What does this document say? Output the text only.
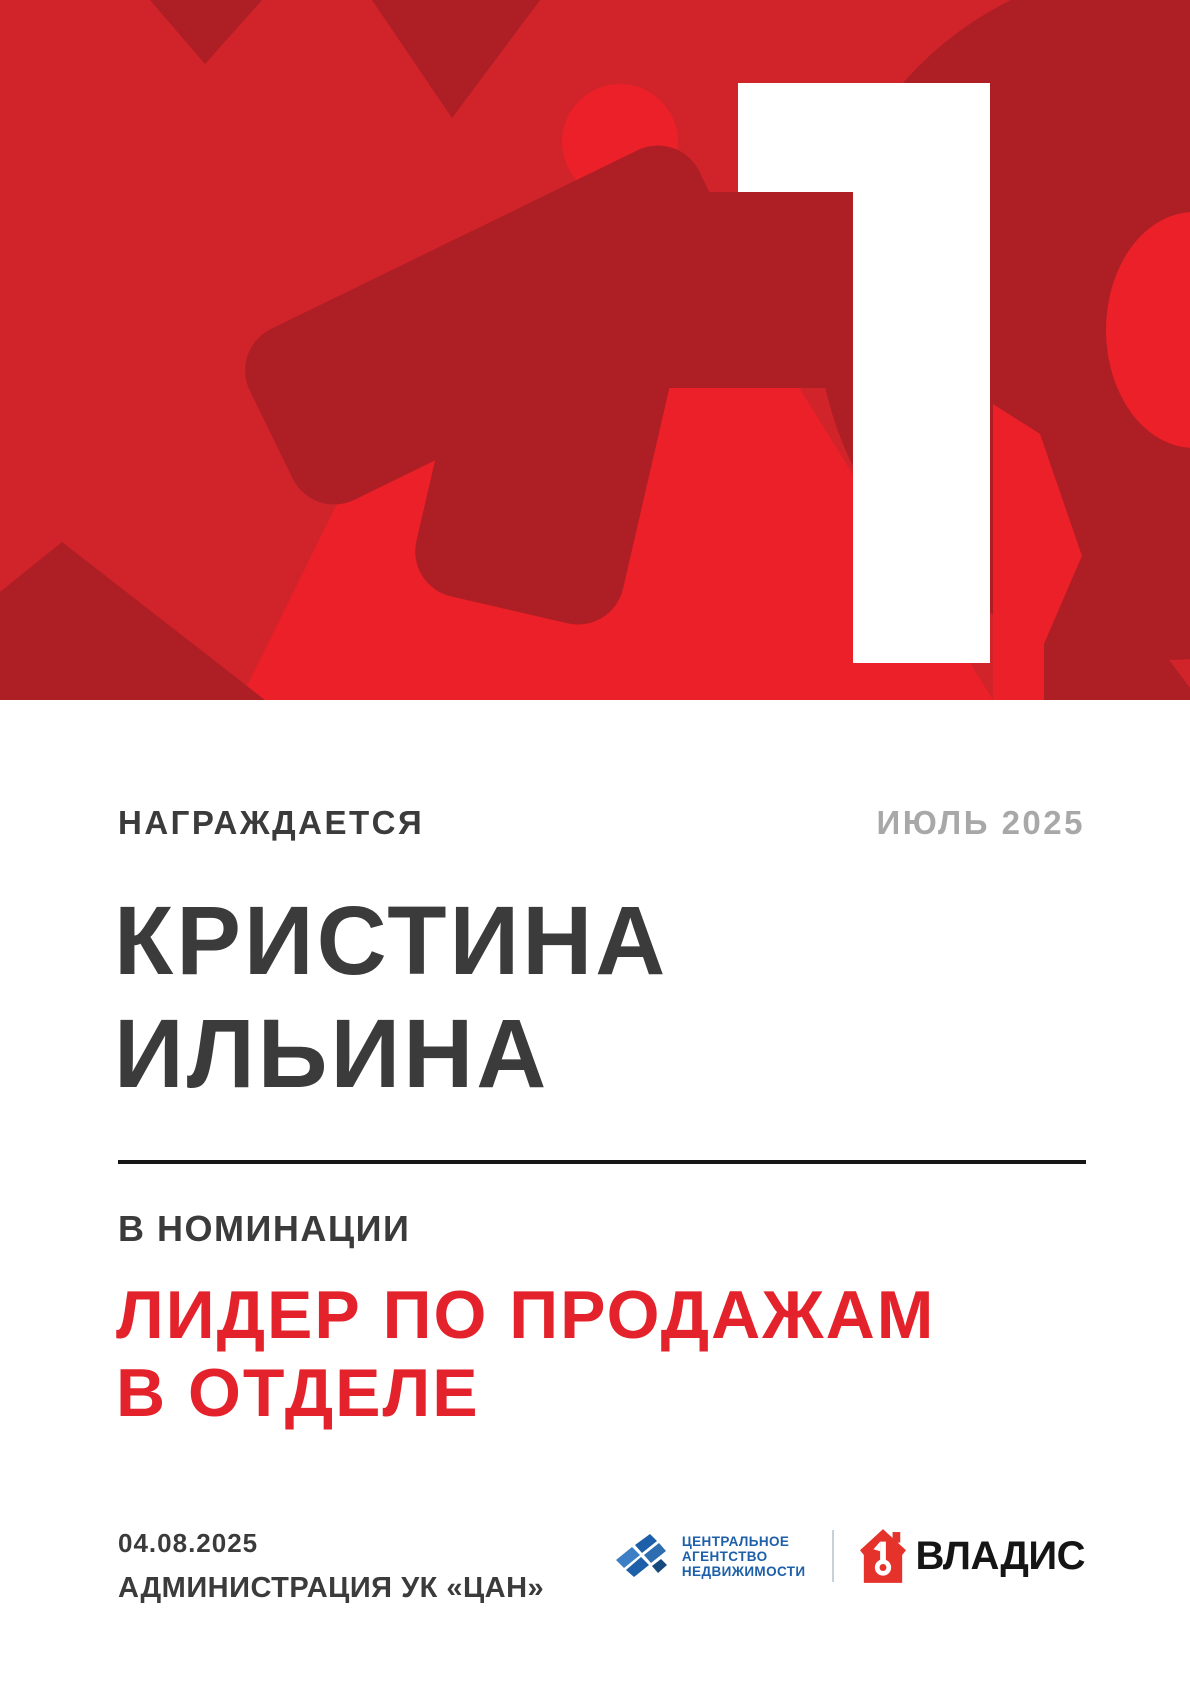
НАГРАЖДАЕТСЯ	ИЮЛЬ 2025
КРИСТИНА
ИЛЬИНА
В НОМИНАЦИИ
ЛИДЕР ПО ПРОДАЖАМ
В ОТДЕЛЕ
04.08.2025
АДМИНИСТРАЦИЯ УК «ЦАН»
ЦЕНТРАЛЬНОЕ
АГЕНТСТВО
НЕДВИЖИМОСТИ	ВЛАДИС
